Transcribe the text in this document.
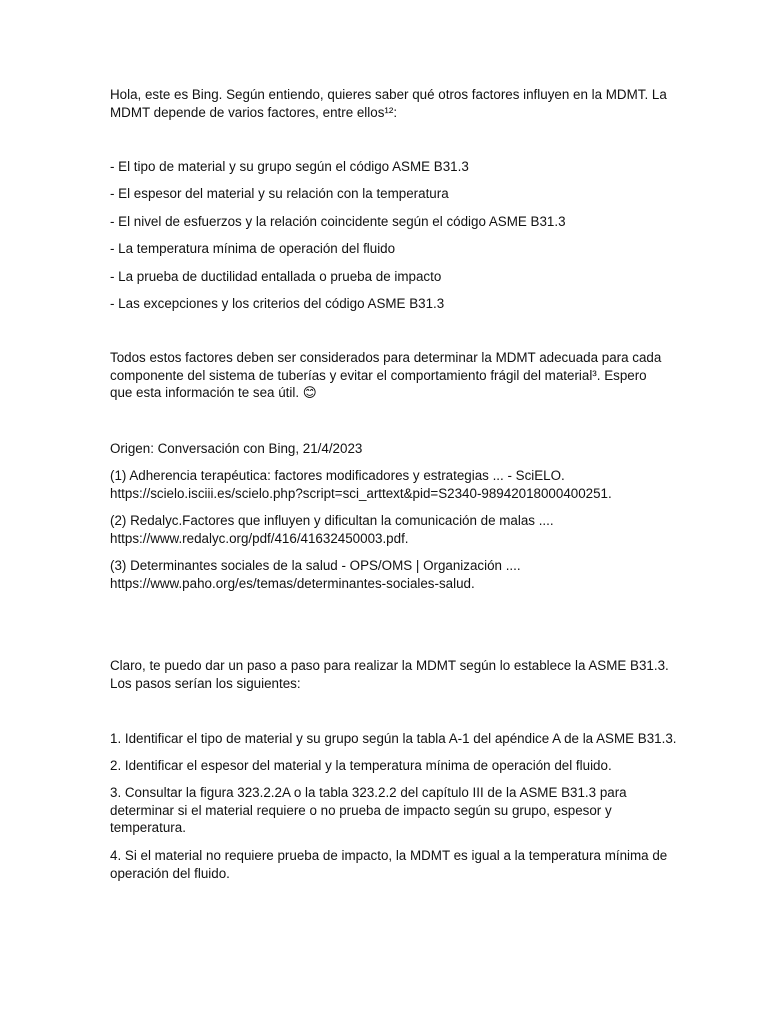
Hola, este es Bing. Según entiendo, quieres saber qué otros factores influyen en la MDMT. La MDMT depende de varios factores, entre ellos¹²:

- El tipo de material y su grupo según el código ASME B31.3

- El espesor del material y su relación con la temperatura

- El nivel de esfuerzos y la relación coincidente según el código ASME B31.3

- La temperatura mínima de operación del fluido

- La prueba de ductilidad entallada o prueba de impacto

- Las excepciones y los criterios del código ASME B31.3

Todos estos factores deben ser considerados para determinar la MDMT adecuada para cada componente del sistema de tuberías y evitar el comportamiento frágil del material³. Espero que esta información te sea útil. 😊

Origen: Conversación con Bing, 21/4/2023

(1) Adherencia terapéutica: factores modificadores y estrategias ... - SciELO.
https://scielo.isciii.es/scielo.php?script=sci_arttext&pid=S2340-98942018000400251.
(2) Redalyc.Factores que influyen y dificultan la comunicación de malas ....
https://www.redalyc.org/pdf/416/41632450003.pdf.
(3) Determinantes sociales de la salud - OPS/OMS | Organización ....
https://www.paho.org/es/temas/determinantes-sociales-salud.

Claro, te puedo dar un paso a paso para realizar la MDMT según lo establece la ASME B31.3. Los pasos serían los siguientes:

1. Identificar el tipo de material y su grupo según la tabla A-1 del apéndice A de la ASME B31.3.

2. Identificar el espesor del material y la temperatura mínima de operación del fluido.

3. Consultar la figura 323.2.2A o la tabla 323.2.2 del capítulo III de la ASME B31.3 para determinar si el material requiere o no prueba de impacto según su grupo, espesor y temperatura.

4. Si el material no requiere prueba de impacto, la MDMT es igual a la temperatura mínima de operación del fluido.
